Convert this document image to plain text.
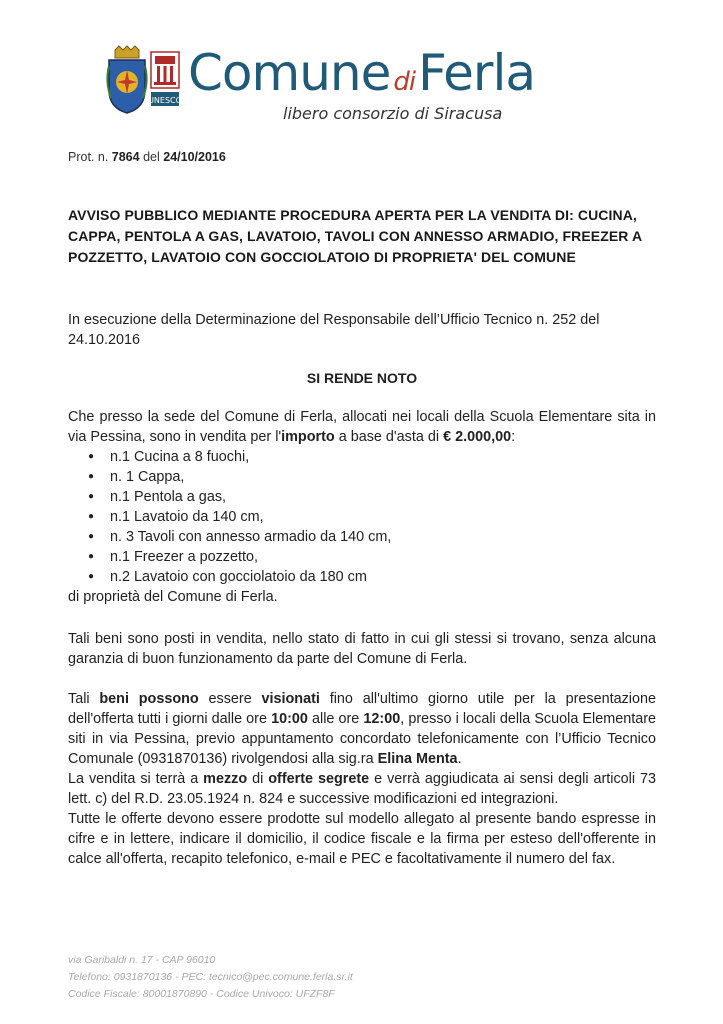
UNESCO Comune diFerla
libero consorzio di Siracusa
Prot. n. 7864 del 24/10/2016
AVVISO PUBBLICO MEDIANTE PROCEDURA APERTA PER LA VENDITA DI: CUCINA, CAPPA, PENTOLA A GAS, LAVATOIO, TAVOLI CON ANNESSO ARMADIO, FREEZER A POZZETTO, LAVATOIO CON GOCCIOLATOIO DI PROPRIETA' DEL COMUNE
In esecuzione della Determinazione del Responsabile dell’Ufficio Tecnico n. 252 del 24.10.2016
SI RENDE NOTO
Che presso la sede del Comune di Ferla, allocati nei locali della Scuola Elementare sita in via Pessina, sono in vendita per l'importo a base d'asta di € 2.000,00:
● n.1 Cucina a 8 fuochi,
● n. 1 Cappa,
● n.1 Pentola a gas,
● n.1 Lavatoio da 140 cm,
● n. 3 Tavoli con annesso armadio da 140 cm,
● n.1 Freezer a pozzetto,
● n.2 Lavatoio con gocciolatoio da 180 cm
di proprietà del Comune di Ferla.
Tali beni sono posti in vendita, nello stato di fatto in cui gli stessi si trovano, senza alcuna garanzia di buon funzionamento da parte del Comune di Ferla.
Tali beni possono essere visionati fino all'ultimo giorno utile per la presentazione dell'offerta tutti i giorni dalle ore 10:00 alle ore 12:00, presso i locali della Scuola Elementare siti in via Pessina, previo appuntamento concordato telefonicamente con l’Ufficio Tecnico Comunale (0931870136) rivolgendosi alla sig.ra Elina Menta.
La vendita si terrà a mezzo di offerte segrete e verrà aggiudicata ai sensi degli articoli 73 lett. c) del R.D. 23.05.1924 n. 824 e successive modificazioni ed integrazioni.
Tutte le offerte devono essere prodotte sul modello allegato al presente bando espresse in cifre e in lettere, indicare il domicilio, il codice fiscale e la firma per esteso dell'offerente in calce all'offerta, recapito telefonico, e-mail e PEC e facoltativamente il numero del fax.
via Garibaldi n. 17 - CAP 96010
Telefono: 0931870136 - PEC: tecnico@pec.comune.ferla.sr.it
Codice Fiscale: 80001870890 - Codice Univoco: UFZF8F
